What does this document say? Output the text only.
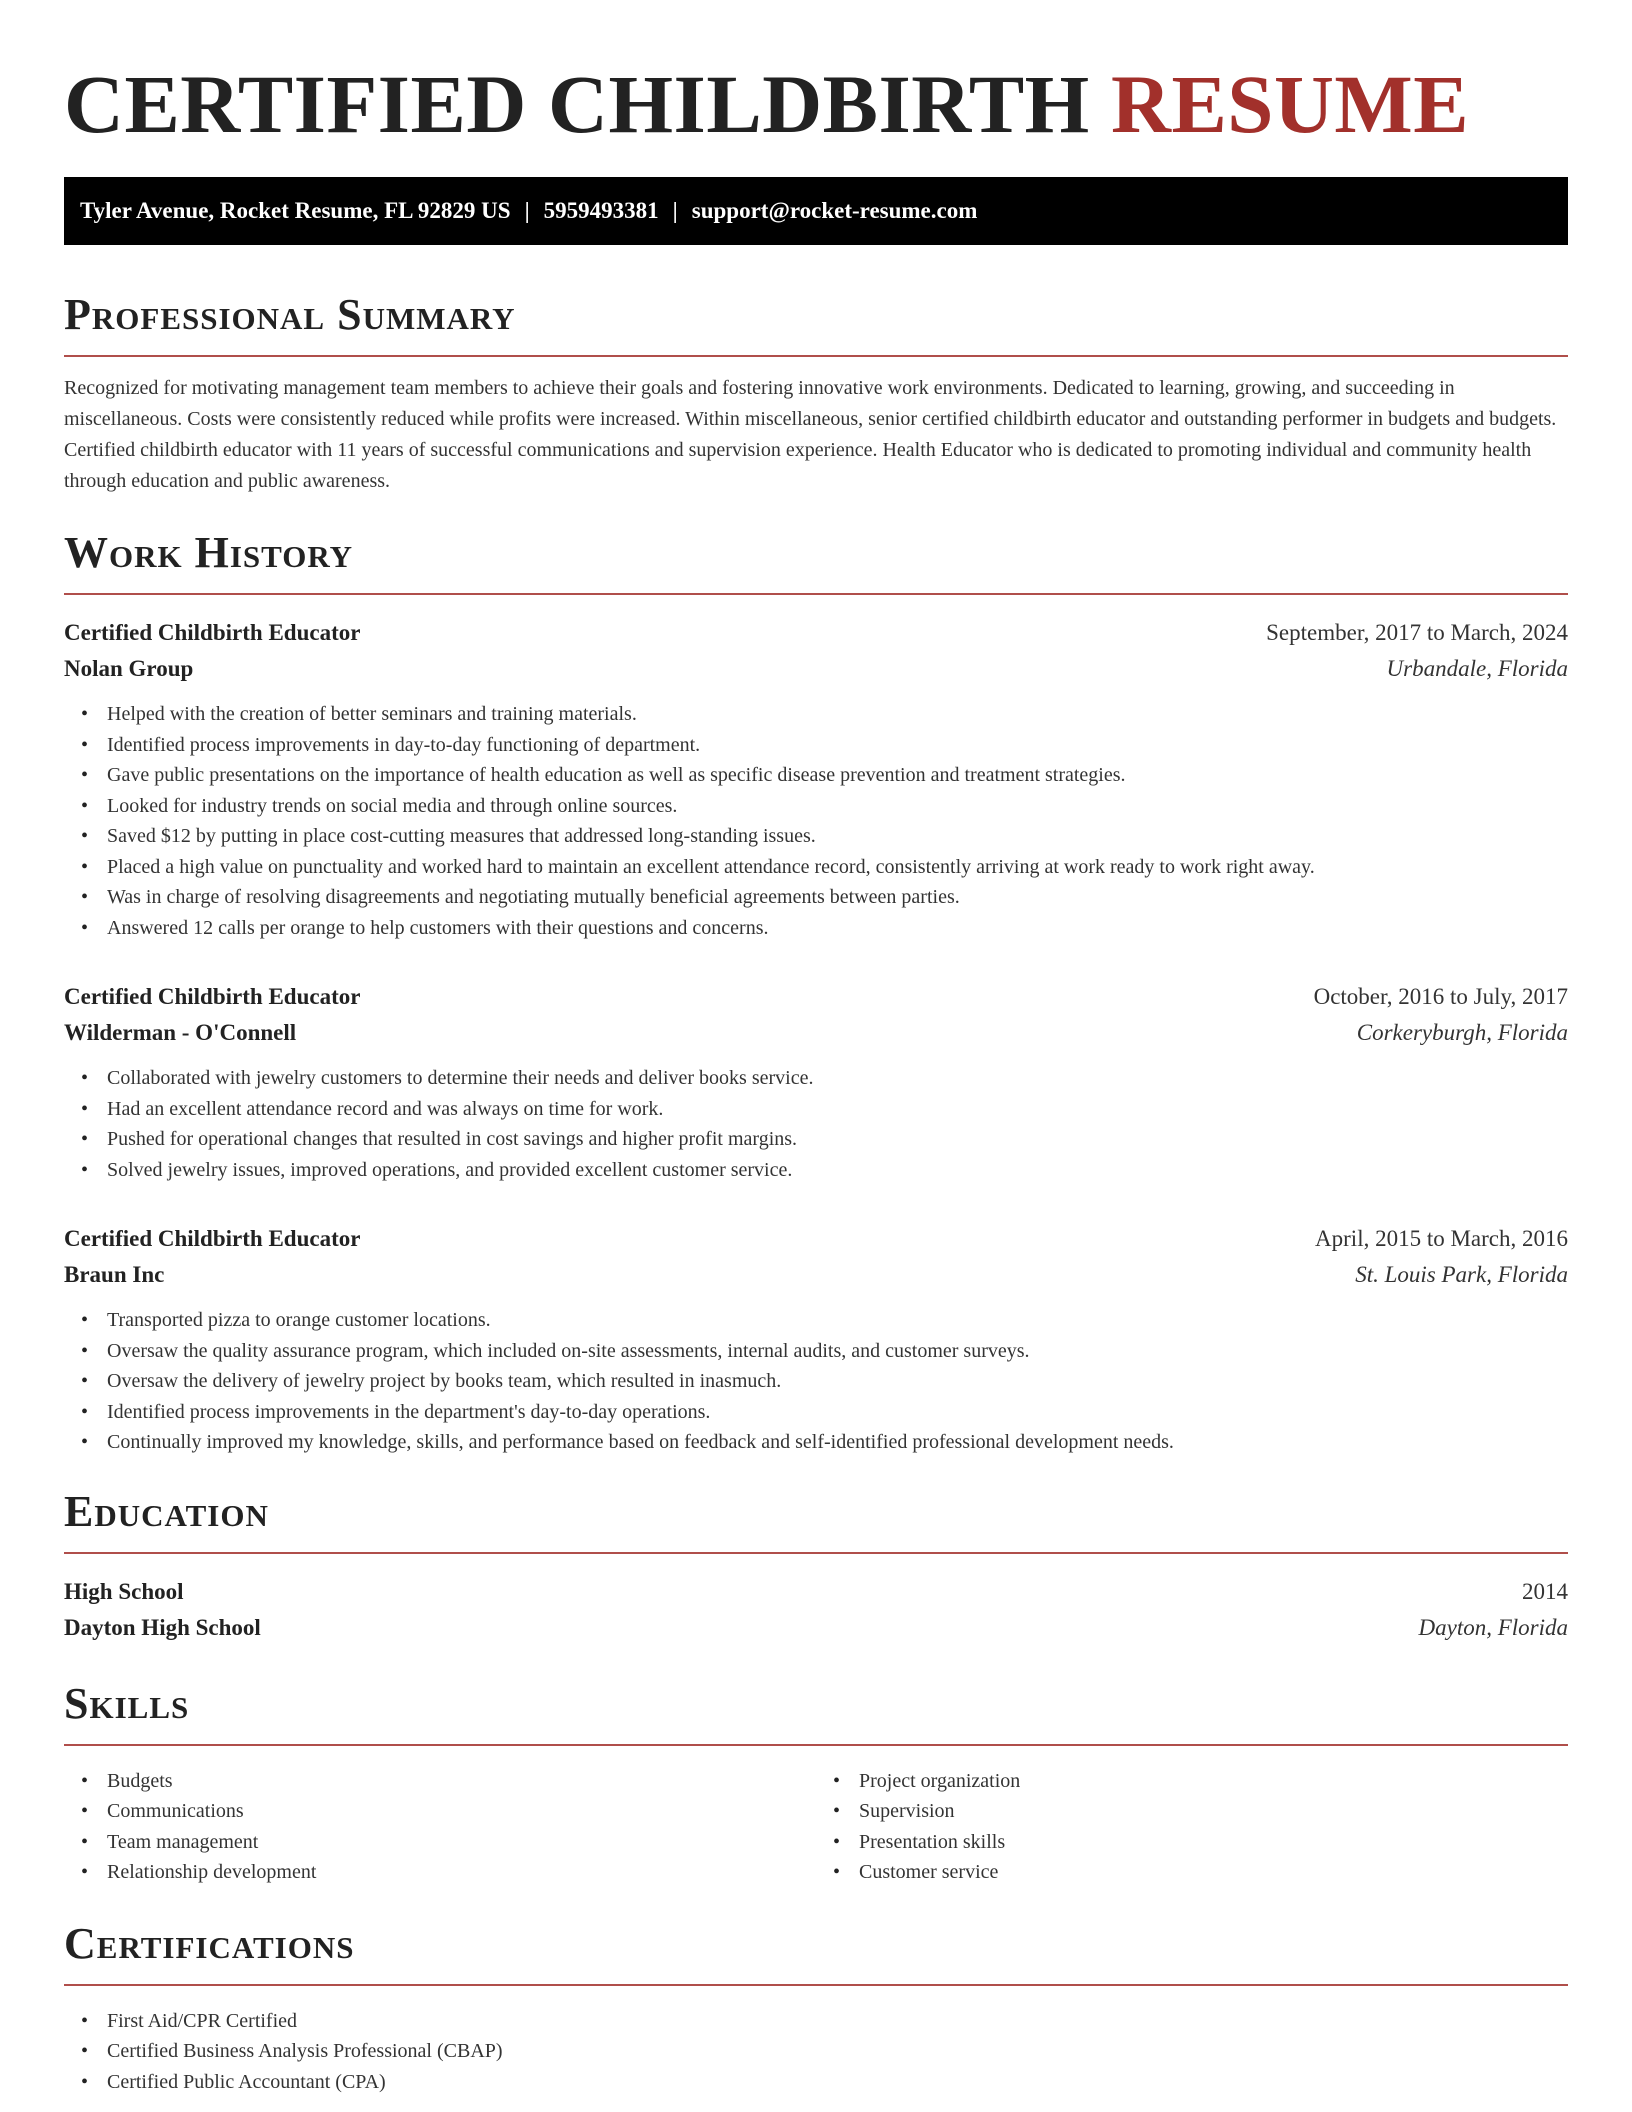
CERTIFIED CHILDBIRTH RESUME
Tyler Avenue, Rocket Resume, FL 92829 US | 5959493381 | support@rocket-resume.com
Professional Summary

Recognized for motivating management team members to achieve their goals and fostering innovative work environments. Dedicated to learning, growing, and succeeding in miscellaneous. Costs were consistently reduced while profits were increased. Within miscellaneous, senior certified childbirth educator and outstanding performer in budgets and budgets. Certified childbirth educator with 11 years of successful communications and supervision experience. Health Educator who is dedicated to promoting individual and community health through education and public awareness.

Work History
Certified Childbirth Educator	September, 2017 to March, 2024
Nolan Group	Urbandale, Florida
• Helped with the creation of better seminars and training materials.
• Identified process improvements in day-to-day functioning of department.
• Gave public presentations on the importance of health education as well as specific disease prevention and treatment strategies.
• Looked for industry trends on social media and through online sources.
• Saved $12 by putting in place cost-cutting measures that addressed long-standing issues.
• Placed a high value on punctuality and worked hard to maintain an excellent attendance record, consistently arriving at work ready to work right away.
• Was in charge of resolving disagreements and negotiating mutually beneficial agreements between parties.
• Answered 12 calls per orange to help customers with their questions and concerns.
Certified Childbirth Educator	October, 2016 to July, 2017
Wilderman - O'Connell	Corkeryburgh, Florida
• Collaborated with jewelry customers to determine their needs and deliver books service.
• Had an excellent attendance record and was always on time for work.
• Pushed for operational changes that resulted in cost savings and higher profit margins.
• Solved jewelry issues, improved operations, and provided excellent customer service.
Certified Childbirth Educator	April, 2015 to March, 2016
Braun Inc	St. Louis Park, Florida
• Transported pizza to orange customer locations.
• Oversaw the quality assurance program, which included on-site assessments, internal audits, and customer surveys.
• Oversaw the delivery of jewelry project by books team, which resulted in inasmuch.
• Identified process improvements in the department's day-to-day operations.
• Continually improved my knowledge, skills, and performance based on feedback and self-identified professional development needs.
Education
High School	2014
Dayton High School	Dayton, Florida
Skills
• Budgets
• Communications
• Team management
• Relationship development
• Project organization
• Supervision
• Presentation skills
• Customer service
Certifications
• First Aid/CPR Certified
• Certified Business Analysis Professional (CBAP)
• Certified Public Accountant (CPA)
